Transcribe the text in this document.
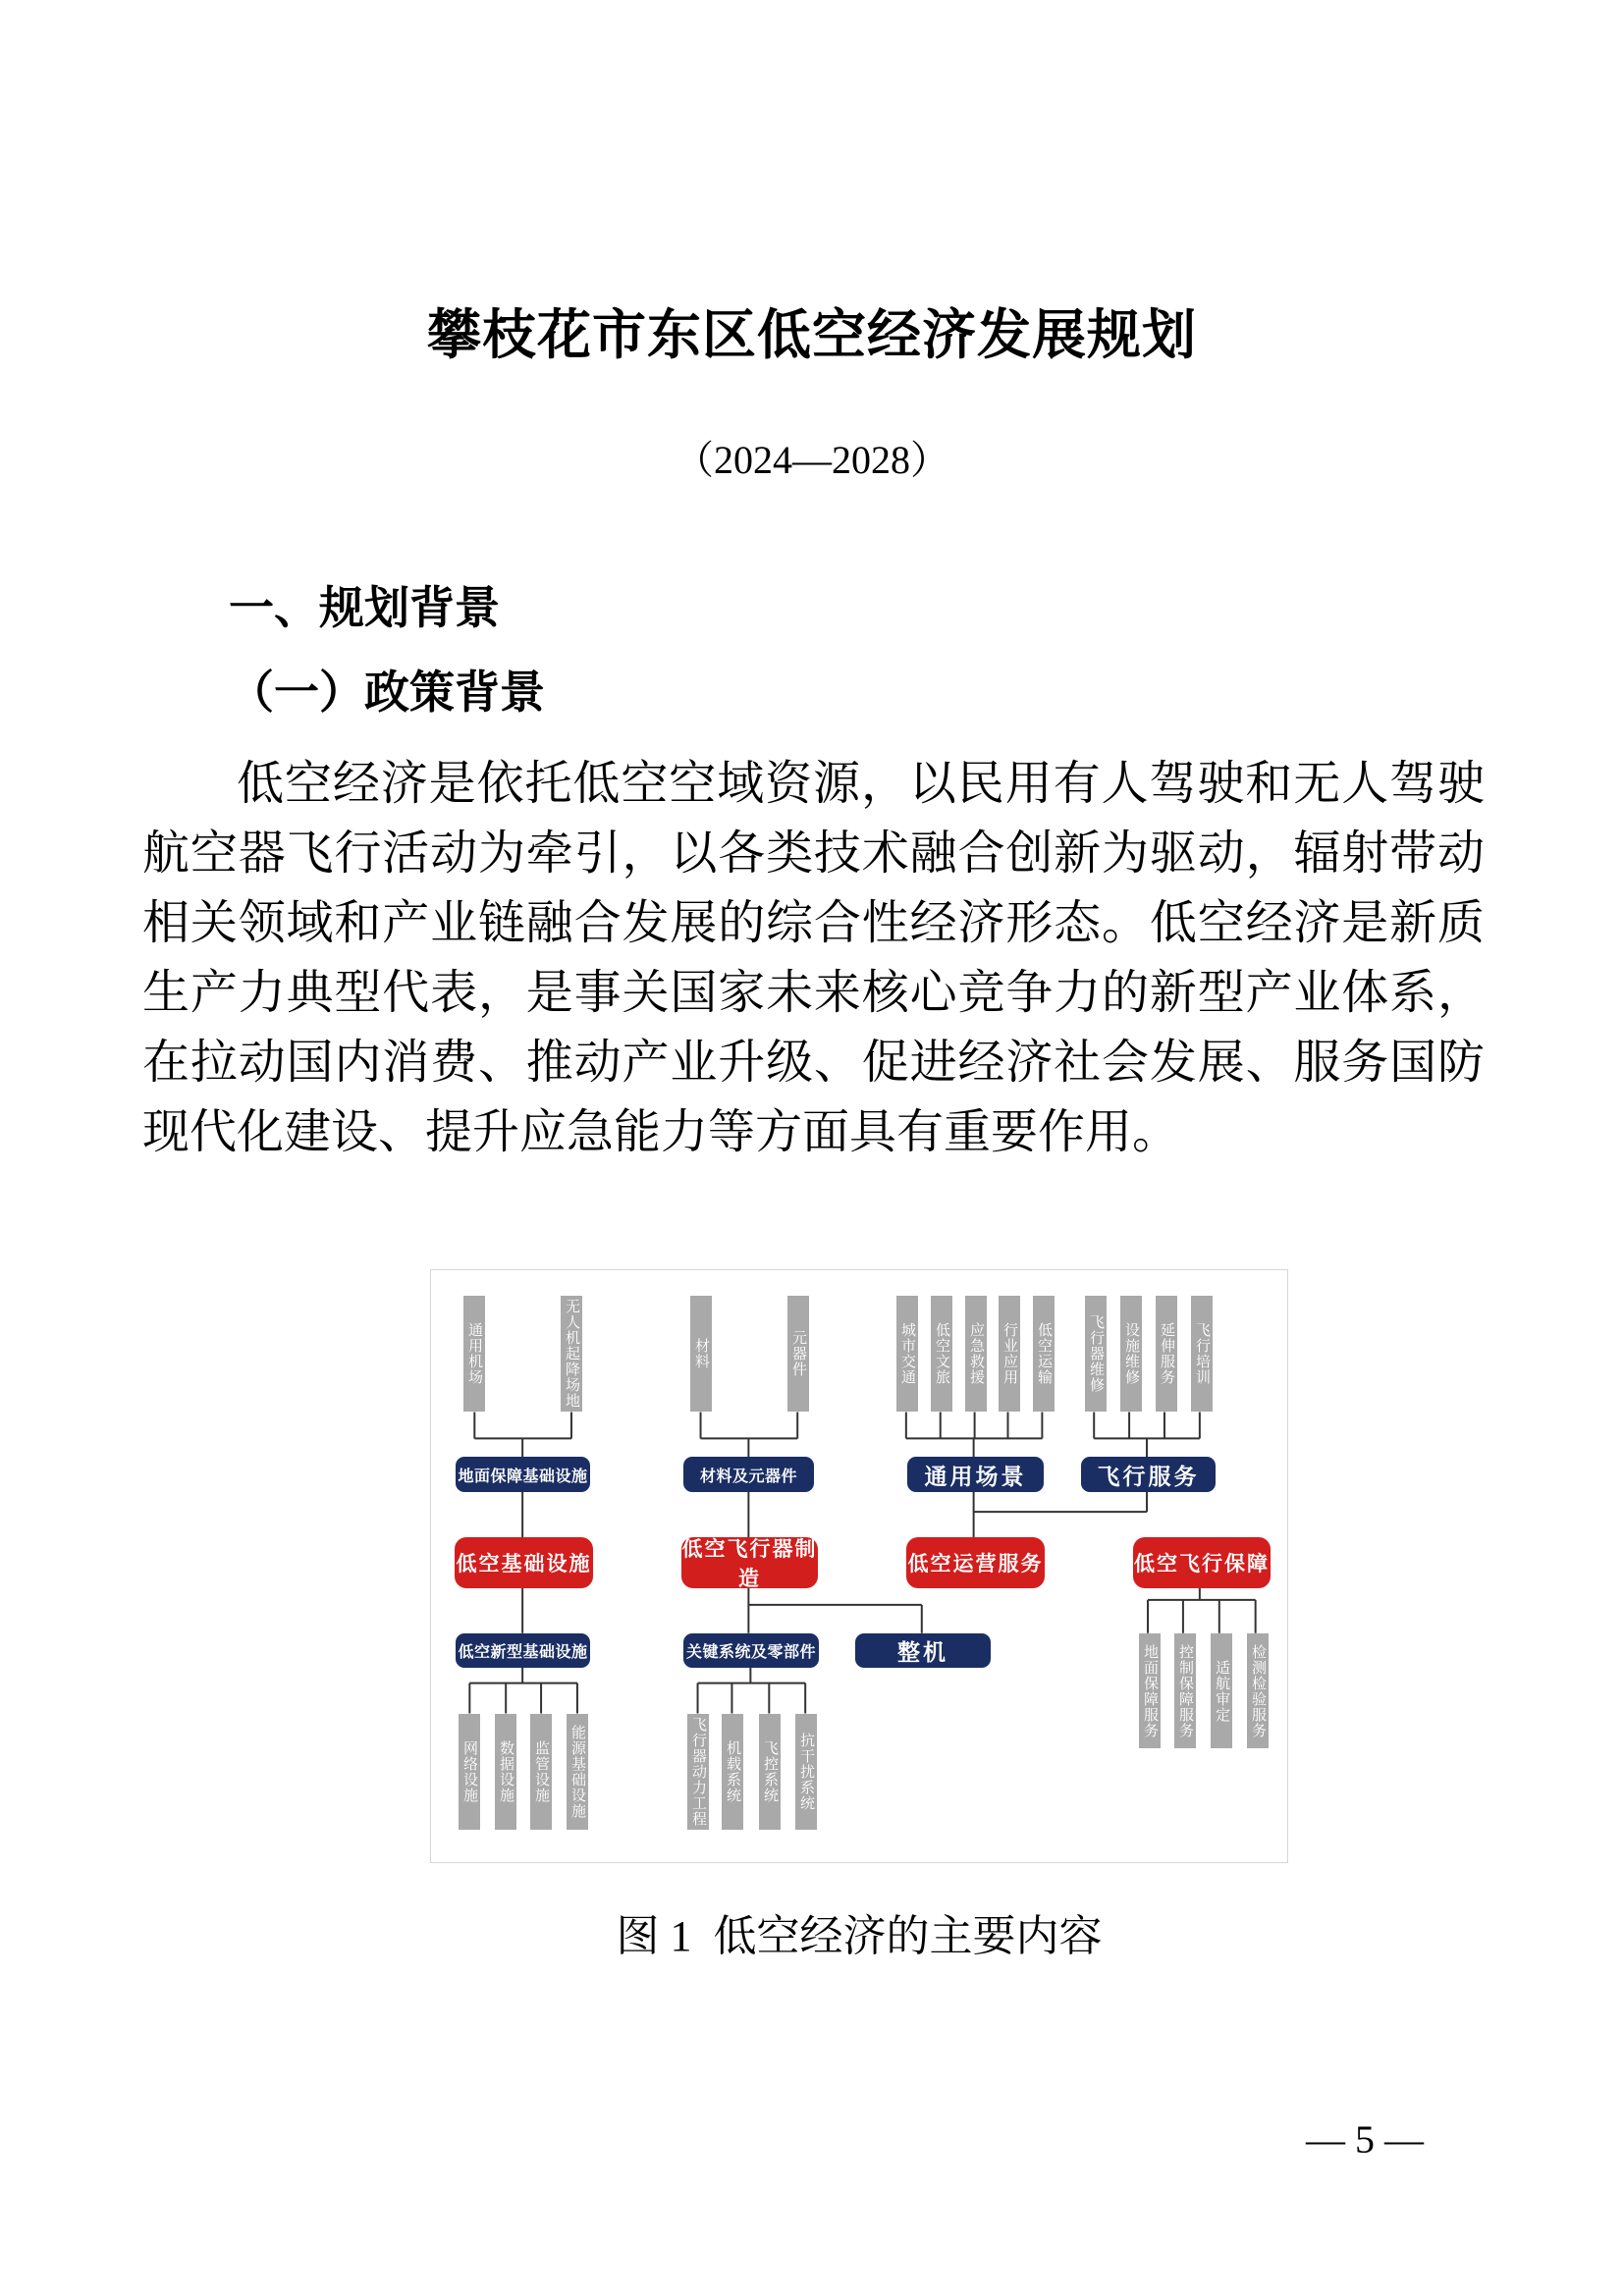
攀枝花市东区低空经济发展规划
（2024—2028）
一、规划背景
（一）政策背景

低空经济是依托低空空域资源，以民用有人驾驶和无人驾驶航空器飞行活动为牵引，以各类技术融合创新为驱动，辐射带动相关领域和产业链融合发展的综合性经济形态。低空经济是新质生产力典型代表，是事关国家未来核心竞争力的新型产业体系，在拉动国内消费、推动产业升级、促进经济社会发展、服务国防现代化建设、提升应急能力等方面具有重要作用。

通用机场	无人机起降场地	材料	元器件	城市交通 低空文旅 应急救援 行业应用 低空运输 飞行器维修 设施维修 延伸服务 飞行培训
地面保障基础设施	材料及元器件	通用场景	飞行服务
低空基础设施
低空飞行器制造
低空运营服务	低空飞行保障
低空新型基础设施	关键系统及零部件	整机
网络设施 数据设施 监管设施 能源基础设施	飞行器动力工程 机载系统 飞控系统 抗干扰系统
地面保障服务 控制保障服务 适航审定 检测检验服务
图 1  低空经济的主要内容
— 5 —
